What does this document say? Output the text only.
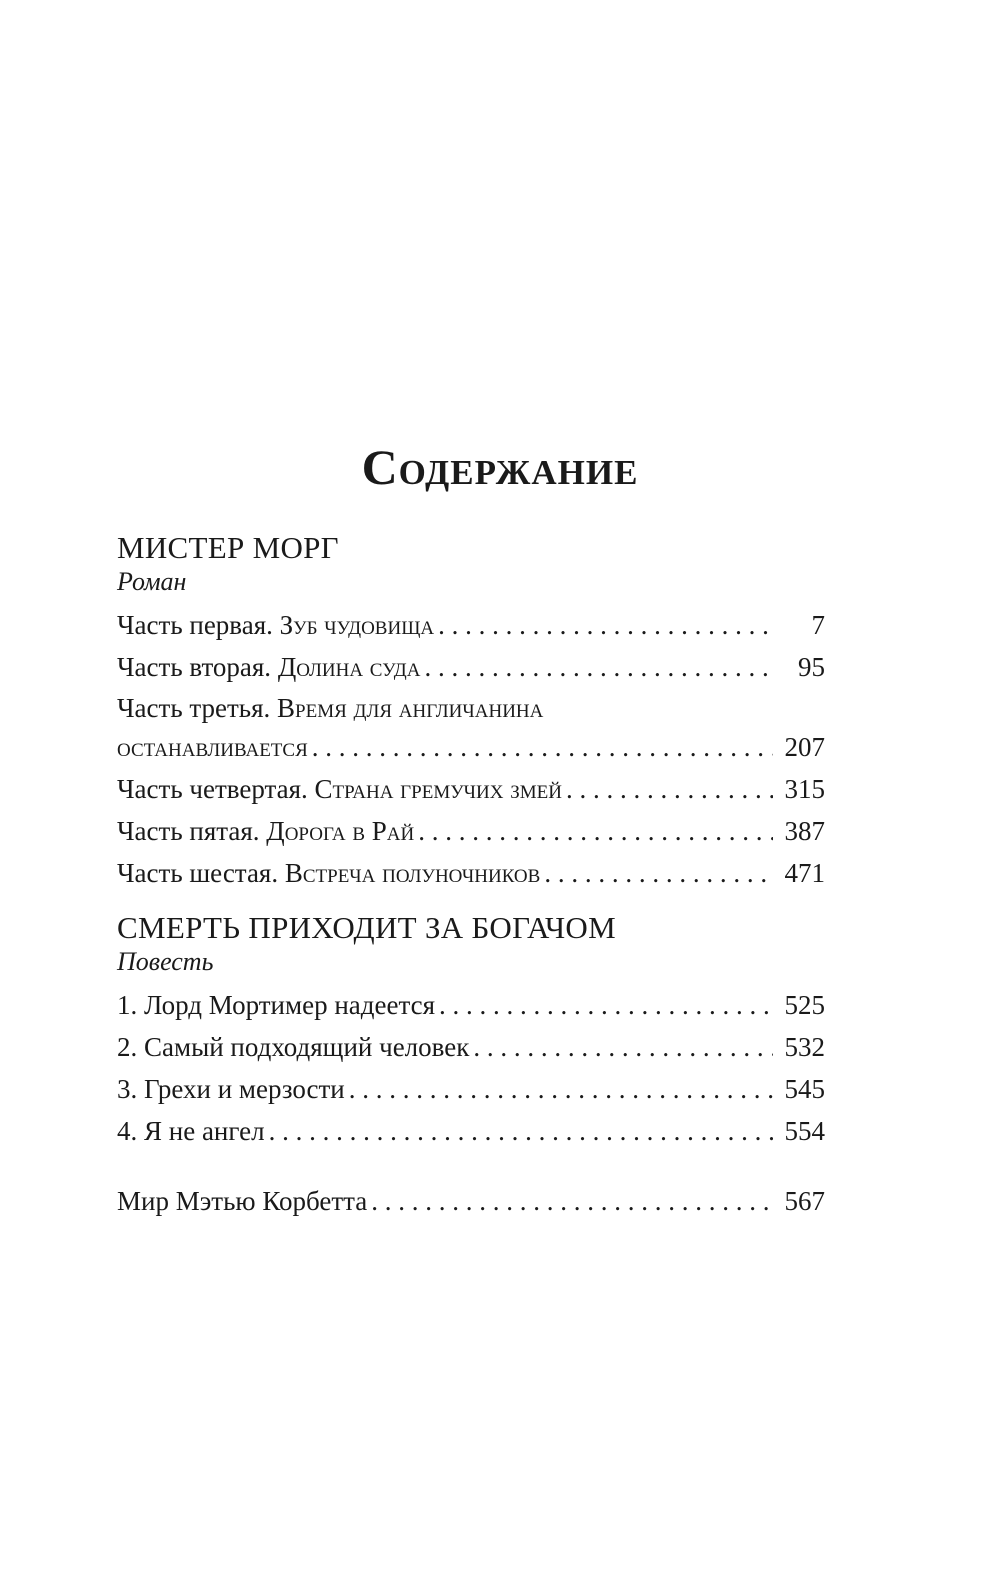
Содержание
МИСТЕР МОРГ
Роман
Часть первая. Зуб чудовища . . .	7
Часть вторая. Долина суда . . .	95
Часть третья. Время для англичанина
останавливается . . .	207
Часть четвертая. Страна гремучих змей . . .	315
Часть пятая. Дорога в Рай . . .	387
Часть шестая. Встреча полуночников . . .	471
СМЕРТЬ ПРИХОДИТ ЗА БОГАЧОМ
Повесть
1. Лорд Мортимер надеется . . .	525
2. Самый подходящий человек . . .	532
3. Грехи и мерзости . . .	545
4. Я не ангел . . .	554
Мир Мэтью Корбетта . . .	567
